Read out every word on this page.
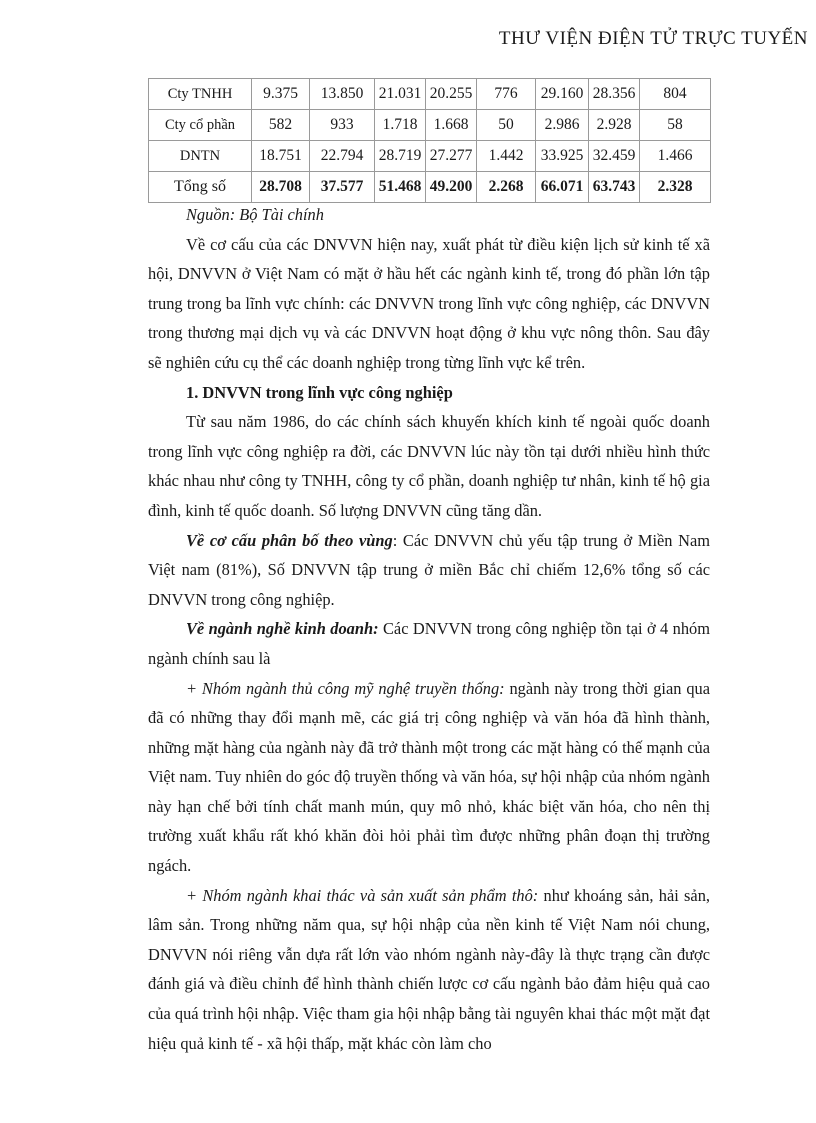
THƯ VIỆN ĐIỆN TỬ TRỰC TUYẾN
Cty TNHH	9.375	13.850	21.031	20.255	776	29.160	28.356	804
Cty cổ phần	582	933	1.718	1.668	50	2.986	2.928	58
DNTN	18.751	22.794	28.719	27.277	1.442	33.925	32.459	1.466
Tổng số	28.708	37.577	51.468	49.200	2.268	66.071	63.743	2.328

Nguồn: Bộ Tài chính

Về cơ cấu của các DNVVN hiện nay, xuất phát từ điều kiện lịch sử kinh tế xã hội, DNVVN ở Việt Nam có mặt ở hầu hết các ngành kinh tế, trong đó phần lớn tập trung trong ba lĩnh vực chính: các DNVVN trong lĩnh vực công nghiệp, các DNVVN trong thương mại dịch vụ và các DNVVN hoạt động ở khu vực nông thôn. Sau đây sẽ nghiên cứu cụ thể các doanh nghiệp trong từng lĩnh vực kể trên.

1. DNVVN trong lĩnh vực công nghiệp

Từ sau năm 1986, do các chính sách khuyến khích kinh tế ngoài quốc doanh trong lĩnh vực công nghiệp ra đời, các DNVVN lúc này tồn tại dưới nhiều hình thức khác nhau như công ty TNHH, công ty cổ phần, doanh nghiệp tư nhân, kinh tế hộ gia đình, kinh tế quốc doanh. Số lượng DNVVN cũng tăng dần.

Về cơ cấu phân bố theo vùng: Các DNVVN chủ yếu tập trung ở Miền Nam Việt nam (81%), Số DNVVN tập trung ở miền Bắc chỉ chiếm 12,6% tổng số các DNVVN trong công nghiệp.

Về ngành nghề kinh doanh: Các DNVVN trong công nghiệp tồn tại ở 4 nhóm ngành chính sau là

+ Nhóm ngành thủ công mỹ nghệ truyền thống: ngành này trong thời gian qua đã có những thay đổi mạnh mẽ, các giá trị công nghiệp và văn hóa đã hình thành, những mặt hàng của ngành này đã trở thành một trong các mặt hàng có thế mạnh của Việt nam. Tuy nhiên do góc độ truyền thống và văn hóa, sự hội nhập của nhóm ngành này hạn chế bởi tính chất manh mún, quy mô nhỏ, khác biệt văn hóa, cho nên thị trường xuất khẩu rất khó khăn đòi hỏi phải tìm được những phân đoạn thị trường ngách.

+ Nhóm ngành khai thác và sản xuất sản phẩm thô: như khoáng sản, hải sản, lâm sản. Trong những năm qua, sự hội nhập của nền kinh tế Việt Nam nói chung, DNVVN nói riêng vẫn dựa rất lớn vào nhóm ngành này-đây là thực trạng cần được đánh giá và điều chỉnh để hình thành chiến lược cơ cấu ngành bảo đảm hiệu quả cao của quá trình hội nhập. Việc tham gia hội nhập bằng tài nguyên khai thác một mặt đạt hiệu quả kinh tế - xã hội thấp, mặt khác còn làm cho
